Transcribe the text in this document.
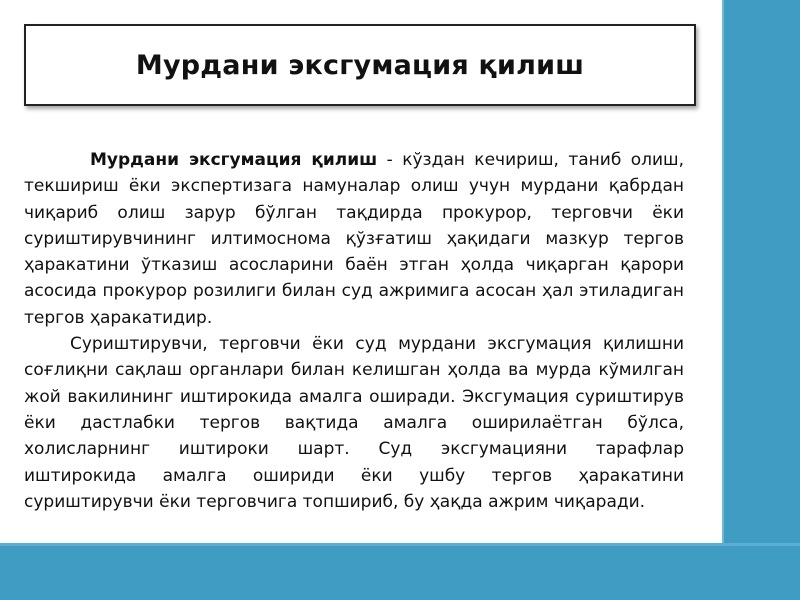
Мурдани эксгумация қилиш

Мурдани эксгумация қилиш - кўздан кечириш, таниб олиш, текшириш ёки экспертизага намуналар олиш учун мурдани қабрдан чиқариб олиш зарур бўлган тақдирда прокурор, терговчи ёки суриштирувчининг илтимосномa қўзғатиш ҳақидаги мазкур тергов ҳаракатини ўтказиш асосларини баён этган ҳолда чиқарган қарори асосида прокурор розилиги билан суд ажримига асосан ҳал этиладиган тергов ҳаракатидир.

Суриштирувчи, терговчи ёки суд мурдани эксгумация қилишни соғлиқни сақлаш органлари билан келишган ҳолда ва мурда кўмилган жой вакилининг иштирокида амалга оширади. Эксгумация суриштирув ёки дастлабки тергов вақтида амалга оширилаётган бўлса, холисларнинг иштироки шарт. Суд эксгумацияни тарафлар иштирокида амалга ошириди ёки ушбу тергов ҳаракатини суриштирувчи ёки терговчига топшириб, бу ҳақда ажрим чиқаради.
